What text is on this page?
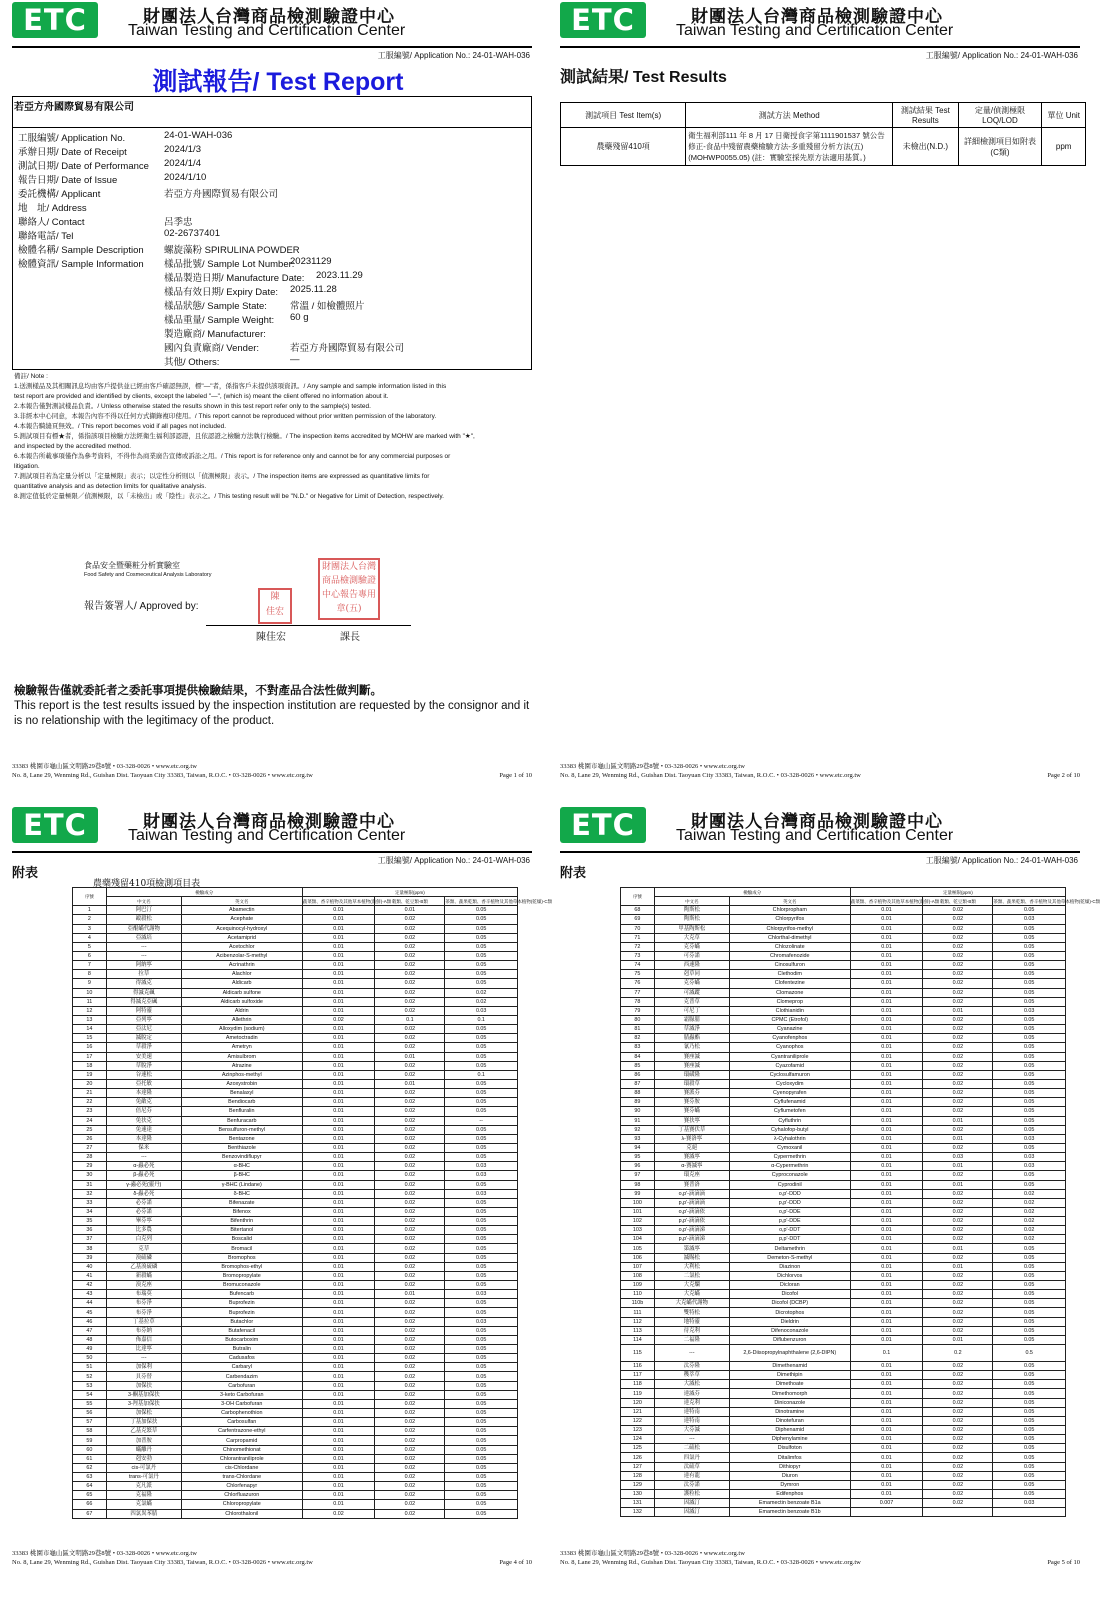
ETC	財團法人台灣商品檢測驗證中心
Taiwan Testing and Certification Center
工服編號/ Application No.: 24-01-WAH-036
測試報告/ Test Report
若亞方舟國際貿易有限公司
備註/ Note :
1.送測樣品及其相關訊息均由客戶提供並已經由客戶確認無誤，標"—"者，係指客戶未提供該項資訊。/ Any sample and sample information listed in this
test report are provided and identified by clients, except the labeled "—", (which is) meant the client offered no information about it.
2.本報告僅對測試樣品負責。/ Unless otherwise stated the results shown in this test report refer only to the sample(s) tested.
3.非經本中心同意，本報告內容不得以任何方式擷錄複印使用。/ This report cannot be reproduced without prior written permission of the laboratory.
4.本報告騎縫頁無效。/ This report becomes void if all pages not included.
5.測試項目有標★者，係指該項目檢驗方法經衛生福利部認證，且依認證之檢驗方法執行檢驗。/ The inspection items accredited by MOHW are marked with "★",
and inspected by the accredited method.
6.本報告所載事項僅作為參考資料，不得作為商業廣告宣傳或訴訟之用。/ This report is for reference only and cannot be for any commercial purposes or
litigation.
7.測試項目若為定量分析以「定量極限」表示；以定性分析則以「偵測極限」表示。/ The inspection items are expressed as quantitative limits for
quantitative analysis and as detection limits for qualitative analysis.
8.測定值低於定量極限／偵測極限，以「未檢出」或「陰性」表示之。/ This testing result will be "N.D." or Negative for Limit of Detection, respectively.
食品安全暨藥粧分析實驗室
Food Safety and Cosmeceutical Analysis Laboratory
報告簽署人/ Approved by:
陳
佳宏
財團法人台灣
商品檢測驗證
中心報告專用
章(五)
陳佳宏	課長
檢驗報告僅就委託者之委託事項提供檢驗結果，不對產品合法性做判斷。
This report is the test results issued by the inspection institution are requested by the consignor and it is no relationship with the legitimacy of the product.
33383 桃園市龜山區文明路29巷8號 • 03-328-0026 • www.etc.org.tw
No. 8, Lane 29, Wenming Rd., Guishan Dist. Taoyuan City 33383, Taiwan, R.O.C. • 03-328-0026 • www.etc.org.tw	Page 1 of 10
工服編號/ Application No.	24-01-WAH-036
承辦日期/ Date of Receipt	2024/1/3
測試日期/ Date of Performance 2024/1/4
報告日期/ Date of Issue	2024/1/10
委託機構/ Applicant	若亞方舟國際貿易有限公司
地　址/ Address
聯絡人/ Contact	呂季忠
聯絡電話/ Tel	02-26737401
檢體名稱/ Sample Description 螺旋藻粉 SPIRULINA POWDER
檢體資訊/ Sample Information 樣品批號/ Sample Lot Number:
20231129
樣品製造日期/ Manufacture Date: 2023.11.29
樣品有效日期/ Expiry Date: 2025.11.28
樣品狀態/ Sample State: 常溫 / 如檢體照片
樣品重量/ Sample Weight: 60 g
製造廠商/ Manufacturer:
國內負責廠商/ Vender:	若亞方舟國際貿易有限公司
其他/ Others:	—
ETC	財團法人台灣商品檢測驗證中心
Taiwan Testing and Certification Center
工服編號/ Application No.: 24-01-WAH-036
測試結果/ Test Results
測試項目 Test Item(s)	測試方法 Method	測試結果 Test Results	定量/偵測極限 LOQ/LOD	單位 Unit
農藥殘留410項	衛生福利部111 年 8 月 17 日衛授食字第1111901537 號公告修正-食品中殘留農藥檢驗方法-多重殘留分析方法(五)(MOHWP0055.05) (註：實驗室採先原方法適用基質。)	未檢出(N.D.)	詳細檢測項目如附表(C類)	ppm
33383 桃園市龜山區文明路29巷8號 • 03-328-0026 • www.etc.org.tw
No. 8, Lane 29, Wenming Rd., Guishan Dist. Taoyuan City 33383, Taiwan, R.O.C. • 03-328-0026 • www.etc.org.tw	Page 2 of 10
ETC	財團法人台灣商品檢測驗證中心
Taiwan Testing and Certification Center
工服編號/ Application No.: 24-01-WAH-036
附表
農藥殘留410項檢測項目表
序號	檢驗成分		定量極限(ppm)		
			蔬菜類、香辛植物及其他草本植物(新鮮)-A類	穀類、乾豆類-B類	茶類、蔬果乾類、香辛植物及其他草本植物(乾燥)-C類
	中文名	英文名			
1	阿巴汀	Abamectin	0.01	0.01	0.05
2	毆殺松	Acephate	0.01	0.02	0.05
3	亞醌蟎代謝物	Acequinocyl-hydroxyl	0.01	0.02	0.05
4	亞滅培	Acetamiprid	0.01	0.02	0.05
5	---	Acetochlor	0.01	0.02	0.05
6	---	Acibenzolar-S-methyl	0.01	0.02	0.05
7	阿納寧	Acrinathrin	0.01	0.02	0.05
8	拉草	Alachlor	0.01	0.02	0.05
9	得滅克	Aldicarb	0.01	0.02	0.05
10	得滅克碸	Aldicarb sulfone	0.01	0.02	0.02
11	得滅克亞碸	Aldicarb sulfoxide	0.01	0.02	0.02
12	阿特靈	Aldrin	0.01	0.02	0.03
13	亞列寧	Allethrin	0.02	0.1	0.1
14	亞汰尼	Alloxydim (sodium)	0.01	0.02	0.05
15	滅脫定	Ametoctradin	0.01	0.02	0.05
16	草殺淨	Ametryn	0.01	0.02	0.05
17	安美速	Amisulbrom	0.01	0.01	0.05
18	草脫淨	Atrazine	0.01	0.02	0.05
19	谷速松	Azinphos-methyl	0.01	0.02	0.1
20	亞托敏	Azoxystrobin	0.01	0.01	0.05
21	本達隆	Benalaxyl	0.01	0.02	0.05
22	免敵克	Bendiocarb	0.01	0.02	0.05
23	倍尼芬	Benfluralin	0.01	0.02	0.05
24	免扶克	Benfuracarb	0.01	0.02	--
25	免速達	Bensulfuron-methyl	0.01	0.02	0.05
26	本達隆	Bentazone	0.01	0.02	0.05
27	保米	Benthiazole	0.01	0.02	0.05
28	---	Benzovindiflupyr	0.01	0.02	0.05
29	α-蟲必死	α-BHC	0.01	0.02	0.03
30	β-蟲必死	β-BHC	0.01	0.02	0.03
31	γ-蟲必死(靈丹)	γ-BHC (Lindane)	0.01	0.02	0.05
32	δ-蟲必死	δ-BHC	0.01	0.02	0.03
33	必芬諾	Bifenazate	0.01	0.02	0.05
34	必芬諾	Bifenox	0.01	0.02	0.05
35	畢芬寧	Bifenthrin	0.01	0.02	0.05
36	比多農	Bitertanol	0.01	0.02	0.05
37	白克列	Boscalid	0.01	0.02	0.05
38	克草	Bromacil	0.01	0.02	0.05
39	溴硫磷	Bromophos	0.01	0.02	0.05
40	乙基溴硫磷	Bromophos-ethyl	0.01	0.02	0.05
41	新殺蟎	Bromopropylate	0.01	0.02	0.05
42	溴克座	Bromuconazole	0.01	0.02	0.05
43	布瑞莫	Bufencarb	0.01	0.01	0.03
44	布芬淨	Buprofezin	0.01	0.02	0.05
45	布芬淨	Buprofezin	0.01	0.02	0.05
46	丁基拉草	Butachlor	0.01	0.02	0.03
47	布芬納	Butafenacil	0.01	0.02	0.05
48	佈嘉信	Butocarboxim	0.01	0.02	0.05
49	比達寧	Butralin	0.01	0.02	0.05
50	---	Cadusafos	0.01	0.02	0.05
51	加保利	Carbaryl	0.01	0.02	0.05
52	貝芬替	Carbendazim	0.01	0.02	0.05
53	加保扶	Carbofuran	0.01	0.02	0.05
54	3-酮基加保扶	3-keto Carbofuran	0.01	0.02	0.05
55	3-羥基加保扶	3-OH Carbofuran	0.01	0.02	0.05
56	加保松	Carbophenothion	0.01	0.02	0.05
57	丁基加保扶	Carbosulfan	0.01	0.02	0.05
58	乙基克繁草	Carfentrazone-ethyl	0.01	0.02	0.05
59	加普胺	Carpropamid	0.01	0.02	0.05
60	蟎離丹	Chinomethionat	0.01	0.02	0.05
61	剋安勃	Chlorantraniliprole	0.01	0.02	0.05
62	cis-可氯丹	cis-Chlordane	0.01	0.02	0.05
63	trans-可氯丹	trans-Chlordane	0.01	0.02	0.05
64	克凡派	Chlorfenapyr	0.01	0.02	0.05
65	克福隆	Chlorfluazuron	0.01	0.02	0.05
66	克氯蟎	Chloropropylate	0.01	0.02	0.05
67	四氯異苯腈	Chlorothalonil	0.02	0.02	0.05
33383 桃園市龜山區文明路29巷8號 • 03-328-0026 • www.etc.org.tw
No. 8, Lane 29, Wenming Rd., Guishan Dist. Taoyuan City 33383, Taiwan, R.O.C. • 03-328-0026 • www.etc.org.tw	Page 4 of 10
ETC	財團法人台灣商品檢測驗證中心
Taiwan Testing and Certification Center
工服編號/ Application No.: 24-01-WAH-036
附表
序號	檢驗成分		定量極限(ppm)		
			蔬菜類、香辛植物及其他草本植物(新鮮)-A類	穀類、乾豆類-B類	茶類、蔬果乾類、香辛植物及其他草本植物(乾燥)-C類
	中文名	英文名			
68	陶斯松	Chlorpropham	0.01	0.02	0.05
69	陶斯松	Chlorpyrifos	0.01	0.02	0.03
70	甲基陶斯松	Chlorpyrifos-methyl	0.01	0.02	0.05
71	大克草	Chlorthal-dimethyl	0.01	0.02	0.05
72	克芬蟎	Chlozolinate	0.01	0.02	0.05
73	可芬諾	Chromafenozide	0.01	0.02	0.05
74	西速隆	Cinosulfuron	0.01	0.02	0.05
75	剋草同	Clethodim	0.01	0.02	0.05
76	克芬蟎	Clofentezine	0.01	0.02	0.05
77	可滅蹤	Clomazone	0.01	0.02	0.05
78	克普草	Clomeprop	0.01	0.02	0.05
79	可尼丁	Clothianidin	0.01	0.01	0.03
80	霜脲腈	CPMC (Etrofol)	0.01	0.02	0.05
81	草滅淨	Cyanazine	0.01	0.02	0.05
82	腈蟲酯	Cyanofenphos	0.01	0.02	0.05
83	氰乃松	Cyanophos	0.01	0.02	0.05
84	賽座滅	Cyantraniliprole	0.01	0.02	0.05
85	賽座滅	Cyazofamid	0.01	0.02	0.05
86	環磺隆	Cyclosulfamuron	0.01	0.02	0.05
87	環殺草	Cycloxydim	0.01	0.02	0.05
88	賽派芬	Cyenopyrafen	0.01	0.02	0.05
89	賽芬胺	Cyflufenamid	0.01	0.02	0.05
90	賽芬蟎	Cyflumetofen	0.01	0.02	0.05
91	賽扶寧	Cyfluthrin	0.01	0.01	0.05
92	丁基賽伏草	Cyhalofop-butyl	0.01	0.02	0.05
93	λ-賽洛寧	λ-Cyhalothrin	0.01	0.01	0.03
94	克絕	Cymoxanil	0.01	0.02	0.05
95	賽滅寧	Cypermethrin	0.01	0.03	0.03
96	α-賽滅寧	α-Cypermethrin	0.01	0.01	0.03
97	環克座	Cyproconazole	0.01	0.02	0.05
98	賽普洛	Cyprodinil	0.01	0.01	0.05
99	o,p'-滴滴滴	o,p'-DDD	0.01	0.02	0.02
100	p,p'-滴滴滴	p,p'-DDD	0.01	0.02	0.02
101	o,p'-滴滴依	o,p'-DDE	0.01	0.02	0.02
102	p,p'-滴滴依	p,p'-DDE	0.01	0.02	0.02
103	o,p'-滴滴涕	o,p'-DDT	0.01	0.02	0.02
104	p,p'-滴滴涕	p,p'-DDT	0.01	0.02	0.02
105	第滅寧	Deltamethrin	0.01	0.01	0.05
106	滅賜松	Demeton-S-methyl	0.01	0.02	0.05
107	大利松	Diazinon	0.01	0.01	0.05
108	二氯松	Dichlorvos	0.01	0.02	0.05
109	大克爛	Dicloran	0.01	0.02	0.05
110	大克蟎	Dicofol	0.01	0.02	0.05
110b	大克蟎代謝物	Dicofol (DCBP)	0.01	0.02	0.05
111	雙特松	Dicrotophos	0.01	0.02	0.05
112	地特靈	Dieldrin	0.01	0.02	0.05
113	待克利	Difenoconazole	0.01	0.02	0.05
114	二福隆	Diflubenzuron	0.01	0.01	0.05
115	---	2,6-Diisopropylnaphthalene (2,6-DIPN)	0.1	0.2	0.5
116	汰芬隆	Dimethenamid	0.01	0.02	0.05
117	穫萃草	Dimethipin	0.01	0.02	0.05
118	大滅松	Dimethoate	0.01	0.02	0.05
119	達滅芬	Dimethomorph	0.01	0.02	0.05
120	達克利	Diniconazole	0.01	0.02	0.05
121	達特南	Dinotramine	0.01	0.02	0.05
122	達特南	Dinotefuran	0.01	0.02	0.05
123	大芬滅	Diphenamid	0.01	0.02	0.05
124	---	Diphenylamine	0.01	0.02	0.05
125	二硫松	Disulfoton	0.01	0.02	0.05
126	四氯丹	Ditalimfos	0.01	0.02	0.05
127	汰硫草	Dithiopyr	0.01	0.02	0.05
128	達有龍	Diuron	0.01	0.02	0.05
129	汰芬諾	Dymron	0.01	0.02	0.05
130	護粒松	Edifenphos	0.01	0.02	0.05
131	因滅汀	Emamectin benzoate B1a	0.007	0.02	0.03
132	因滅汀	Emamectin benzoate B1b			
33383 桃園市龜山區文明路29巷8號 • 03-328-0026 • www.etc.org.tw
No. 8, Lane 29, Wenming Rd., Guishan Dist. Taoyuan City 33383, Taiwan, R.O.C. • 03-328-0026 • www.etc.org.tw	Page 5 of 10
